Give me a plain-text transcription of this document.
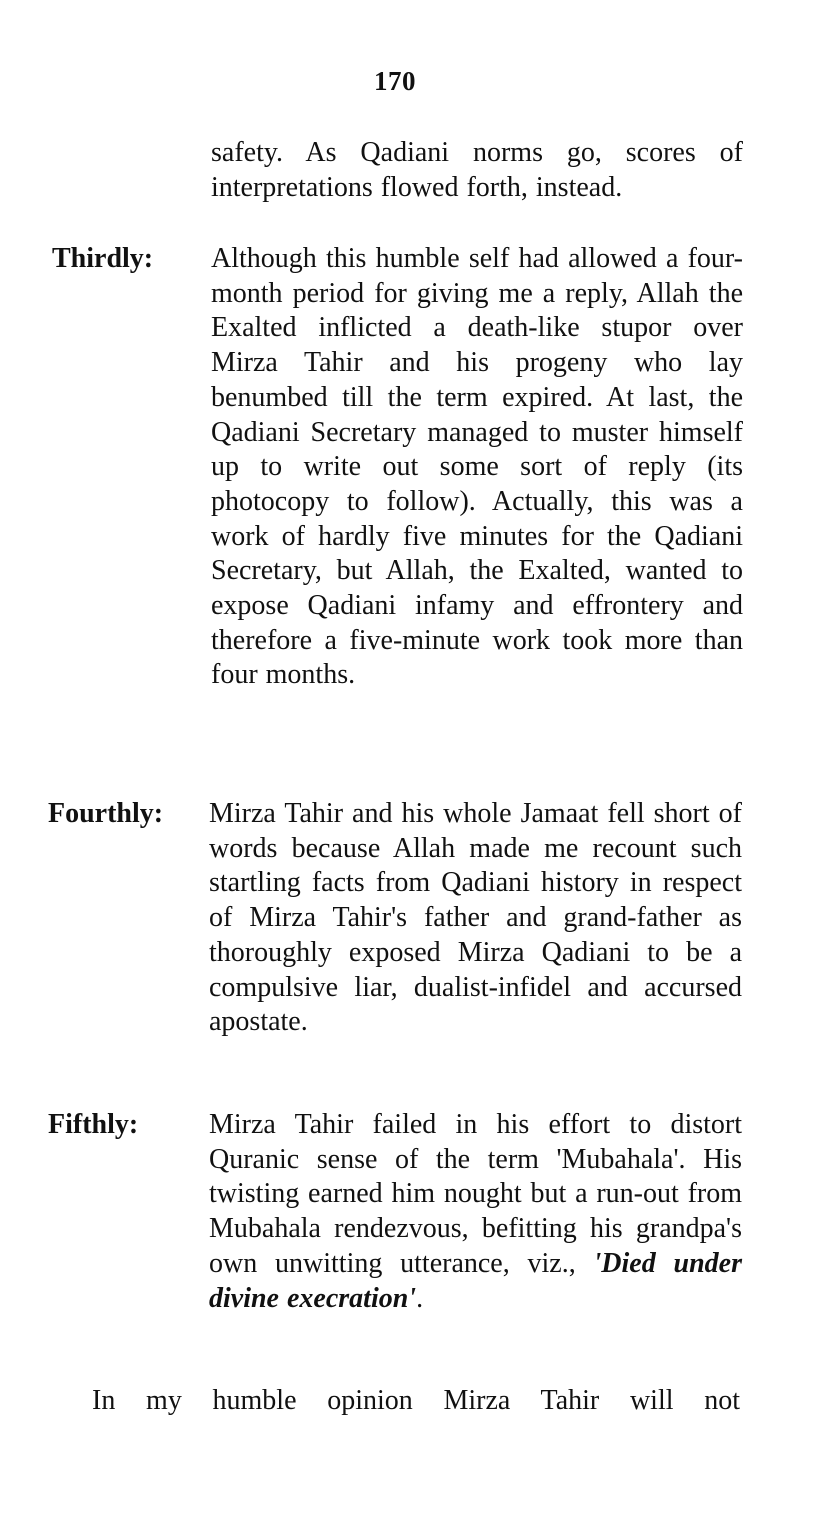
170
safety. As Qadiani norms go, scores of interpretations flowed forth, instead.
Thirdly: Although this humble self had allowed a four-month period for giving me a reply, Allah the Exalted inflicted a death-like stupor over Mirza Tahir and his progeny who lay benumbed till the term expired. At last, the Qadiani Secretary managed to muster himself up to write out some sort of reply (its photocopy to follow). Actually, this was a work of hardly five minutes for the Qadiani Secretary, but Allah, the Exalted, wanted to expose Qadiani infamy and effrontery and therefore a five-minute work took more than four months.
Fourthly: Mirza Tahir and his whole Jamaat fell short of words because Allah made me recount such startling facts from Qadiani history in respect of Mirza Tahir's father and grand-father as thoroughly exposed Mirza Qadiani to be a compulsive liar, dualist-infidel and accursed apostate.
Fifthly:	Mirza Tahir failed in his effort to distort Quranic sense of the term 'Mubahala'. His twisting earned him nought but a run-out from Mubahala rendezvous, befitting his grandpa's own unwitting utterance, viz., 'Died under divine execration'.
In my humble opinion Mirza Tahir will not
